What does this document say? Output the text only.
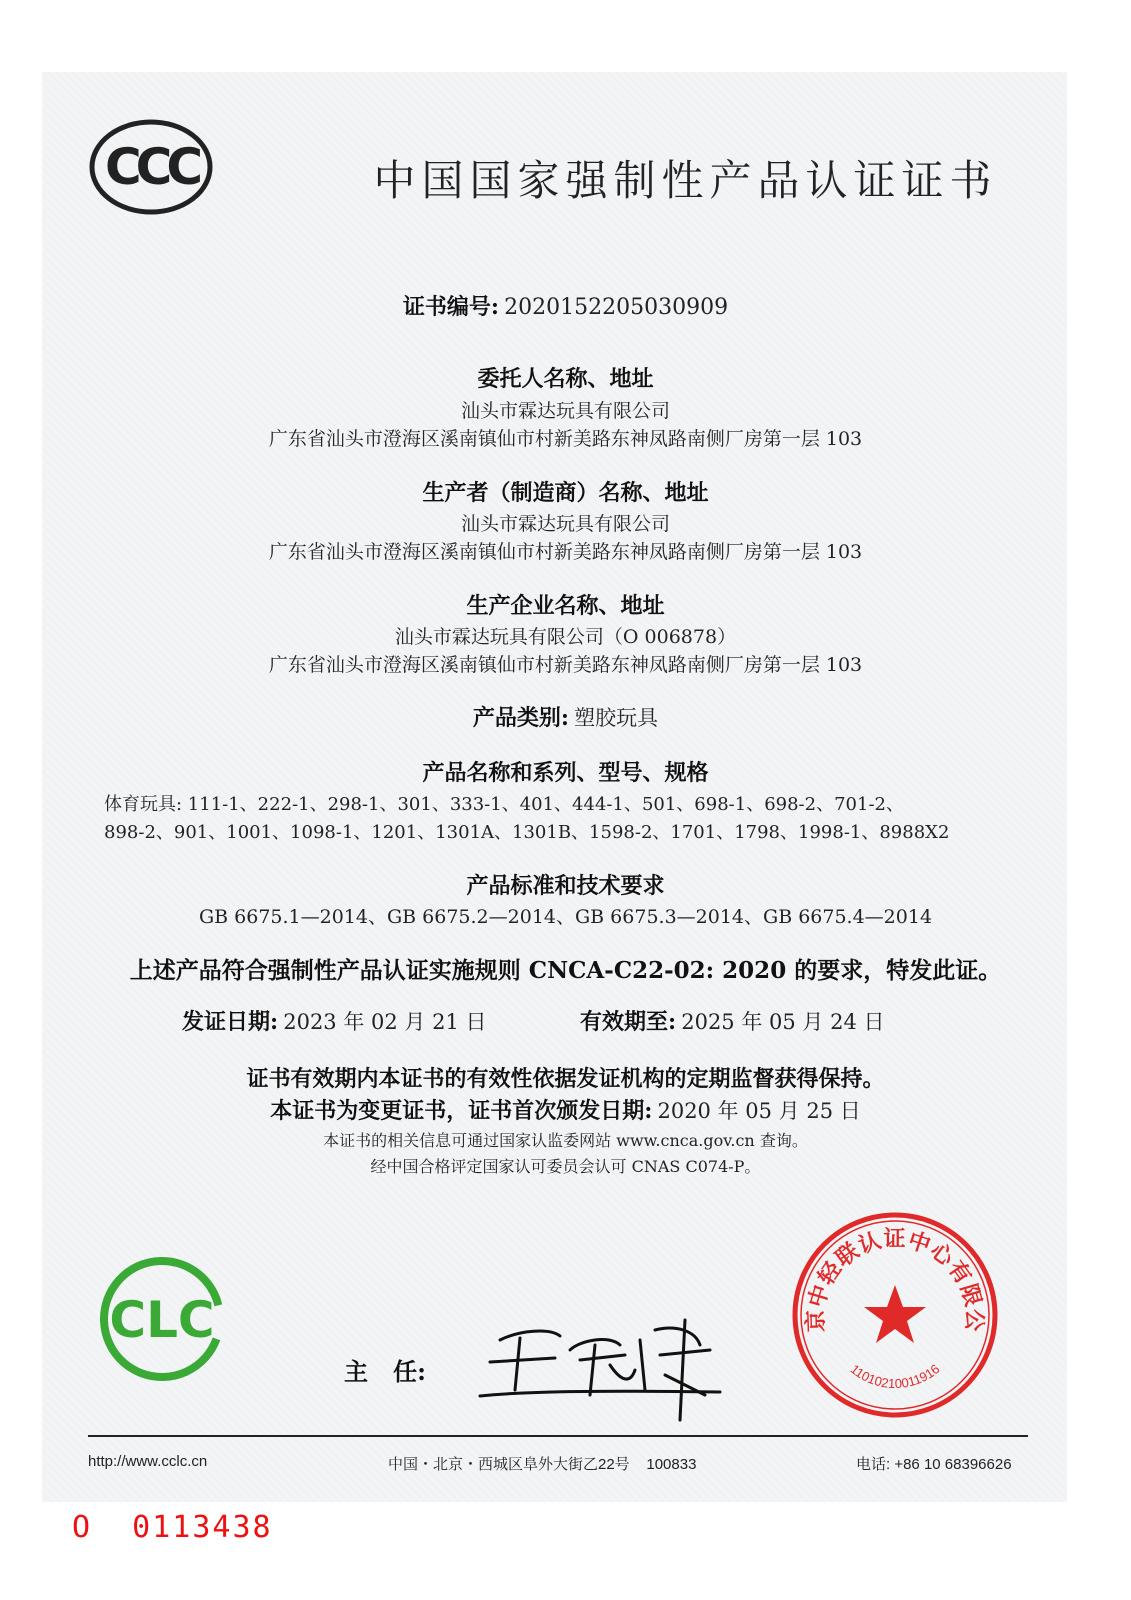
CCC	中国国家强制性产品认证证书
证书编号: 2020152205030909
委托人名称、地址
汕头市霖达玩具有限公司
广东省汕头市澄海区溪南镇仙市村新美路东神凤路南侧厂房第一层 103
生产者（制造商）名称、地址
汕头市霖达玩具有限公司
广东省汕头市澄海区溪南镇仙市村新美路东神凤路南侧厂房第一层 103
生产企业名称、地址
汕头市霖达玩具有限公司（O 006878）
广东省汕头市澄海区溪南镇仙市村新美路东神凤路南侧厂房第一层 103
产品类别: 塑胶玩具
产品名称和系列、型号、规格
体育玩具: 111-1、222-1、298-1、301、333-1、401、444-1、501、698-1、698-2、701-2、
898-2、901、1001、1098-1、1201、1301A、1301B、1598-2、1701、1798、1998-1、8988X2
产品标准和技术要求
GB 6675.1—2014、GB 6675.2—2014、GB 6675.3—2014、GB 6675.4—2014
上述产品符合强制性产品认证实施规则 CNCA-C22-02: 2020 的要求，特发此证。
发证日期: 2023 年 02 月 21 日	有效期至: 2025 年 05 月 24 日
证书有效期内本证书的有效性依据发证机构的定期监督获得保持。
本证书为变更证书，证书首次颁发日期: 2020 年 05 月 25 日
本证书的相关信息可通过国家认监委网站 www.cnca.gov.cn 查询。
经中国合格评定国家认可委员会认可 CNAS C074-P。
CLC
主   任:
京中轻联认证中心有限公
11010210011916
http://www.cclc.cn	中国・北京・西城区阜外大街乙22号    100833	电话: +86 10 68396626
O  0113438
